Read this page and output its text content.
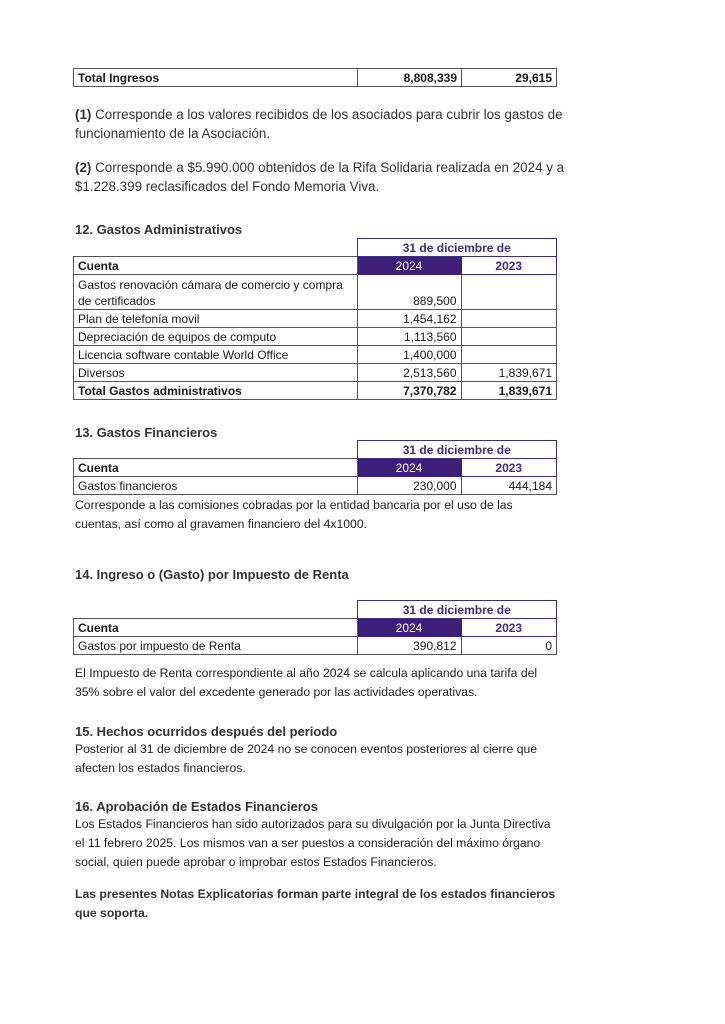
Total Ingresos	8,808,339	29,615
(1) Corresponde a los valores recibidos de los asociados para cubrir los gastos de funcionamiento de la Asociación.
(2) Corresponde a $5.990.000 obtenidos de la Rifa Solidaria realizada en 2024 y a $1.228.399 reclasificados del Fondo Memoria Viva.
12. Gastos Administrativos
	31 de diciembre de	
Cuenta	2024	2023

Gastos renovación cámara de comercio y compra
de certificados	889,500	
Plan de telefonía movil	1,454,162	
Depreciación de equipos de computo	1,113,560	
Licencia software contable World Office	1,400,000	
Diversos	2,513,560	1,839,671
Total Gastos administrativos	7,370,782	1,839,671
13. Gastos Financieros
	31 de diciembre de	
Cuenta	2024	2023
Gastos financieros	230,000	444,184
Corresponde a las comisiones cobradas por la entidad bancaria por el uso de las cuentas, así como al gravamen financiero del 4x1000.
14. Ingreso o (Gasto) por Impuesto de Renta
	31 de diciembre de	
Cuenta	2024	2023
Gastos por impuesto de Renta	390,812	0
El Impuesto de Renta correspondiente al año 2024 se calcula aplicando una tarifa del 35% sobre el valor del excedente generado por las actividades operativas.
15. Hechos ocurridos después del periodo
Posterior al 31 de diciembre de 2024 no se conocen eventos posteriores al cierre que afecten los estados financieros.
16. Aprobación de Estados Financieros
Los Estados Financieros han sido autorizados para su divulgación por la Junta Directiva el 11 febrero 2025. Los mismos van a ser puestos a consideración del máximo órgano social, quien puede aprobar o improbar estos Estados Financieros.
Las presentes Notas Explicatorias forman parte integral de los estados financieros que soporta.
